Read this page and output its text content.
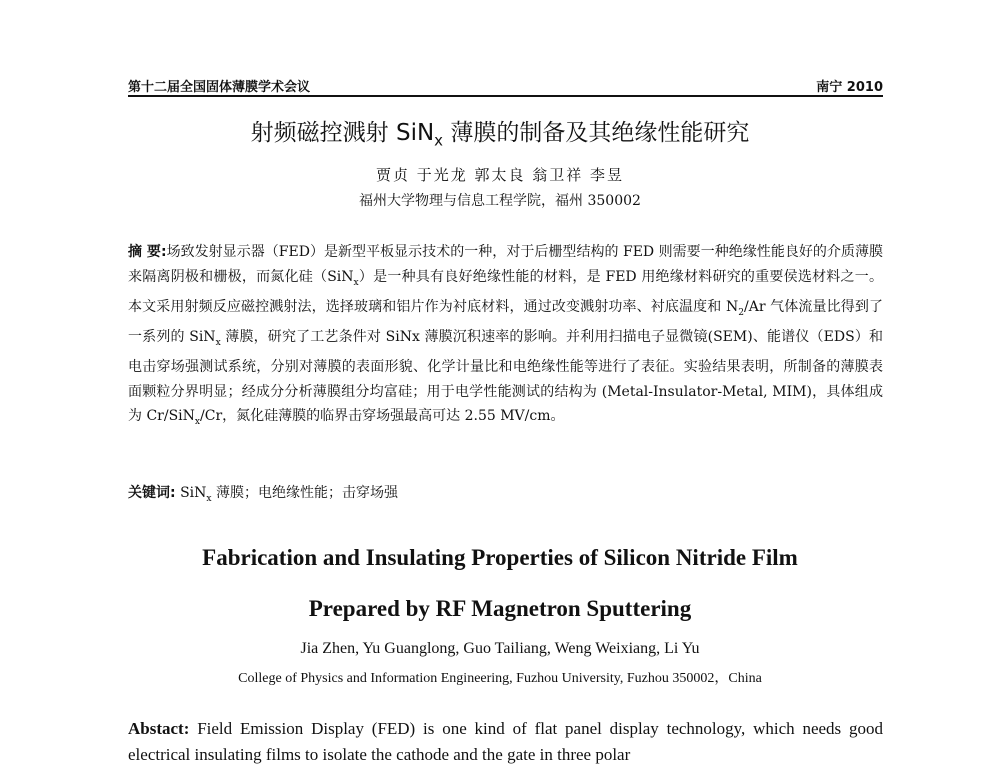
第十二届全国固体薄膜学术会议	南宁 2010
射频磁控溅射 SiN$_x$ 薄膜的制备及其绝缘性能研究
贾贞 于光龙 郭太良 翁卫祥 李昱
福州大学物理与信息工程学院，福州 350002
摘 要:场致发射显示器（FED）是新型平板显示技术的一种，对于后栅型结构的 FED 则需要一种绝缘性能良好的介质薄膜来隔离阴极和栅极，而氮化硅（SiN$_x$）是一种具有良好绝缘性能的材料，是 FED 用绝缘材料研究的重要侯选材料之一。本文采用射频反应磁控溅射法，选择玻璃和铝片作为衬底材料，通过改变溅射功率、衬底温度和 $N_2/Ar$ 气体流量比得到了一系列的 SiN$_x$ 薄膜，研究了工艺条件对 SiNx 薄膜沉积速率的影响。并利用扫描电子显微镜(SEM)、能谱仪（EDS）和电击穿场强测试系统，分别对薄膜的表面形貌、化学计量比和电绝缘性能等进行了表征。实验结果表明，所制备的薄膜表面颗粒分界明显；经成分分析薄膜组分均富硅；用于电学性能测试的结构为 (Metal-Insulator-Metal, MIM)，具体组成为 Cr/SiN$_x$/Cr，氮化硅薄膜的临界击穿场强最高可达 2.55 MV/cm。
关键词: SiN$_x$ 薄膜；电绝缘性能；击穿场强
Fabrication and Insulating Properties of Silicon Nitride Film
Prepared by RF Magnetron Sputtering
Jia Zhen, Yu Guanglong, Guo Tailiang, Weng Weixiang, Li Yu
College of Physics and Information Engineering, Fuzhou University, Fuzhou 350002，China
Abstact: Field Emission Display (FED) is one kind of flat panel display technology, which needs good electrical insulating films to isolate the cathode and the gate in three polar
